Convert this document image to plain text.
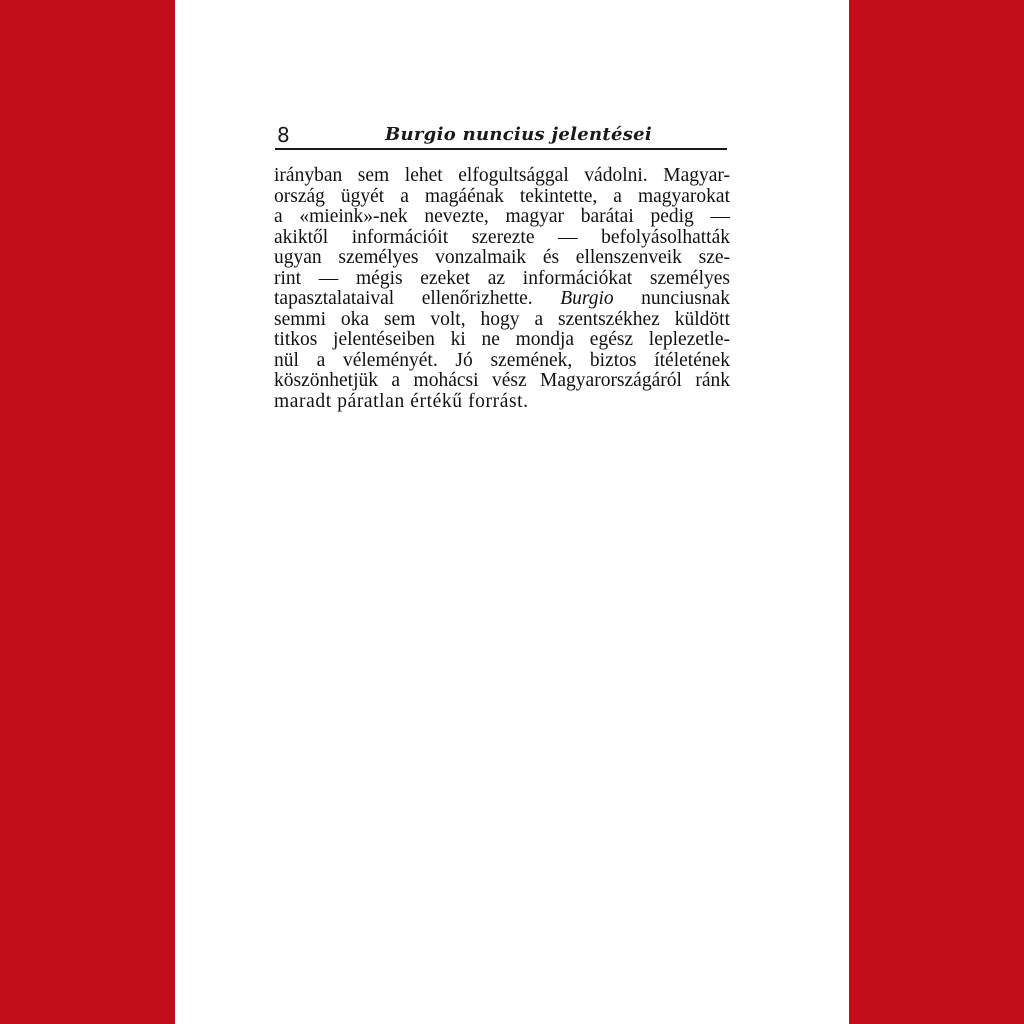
8	Burgio nuncius jelentései

irányban sem lehet elfogultsággal vádolni. Magyar-
ország ügyét a magáénak tekintette, a magyarokat
a «mieink»-nek nevezte, magyar barátai pedig —
akiktől információit szerezte — befolyásolhatták
ugyan személyes vonzalmaik és ellenszenveik sze-
rint — mégis ezeket az információkat személyes
tapasztalataival ellenőrizhette. Burgio nunciusnak
semmi oka sem volt, hogy a szentszékhez küldött
titkos jelentéseiben ki ne mondja egész leplezetle-
nül a véleményét. Jó szemének, biztos ítéletének
köszönhetjük a mohácsi vész Magyarországáról ránk
maradt páratlan értékű forrást.
